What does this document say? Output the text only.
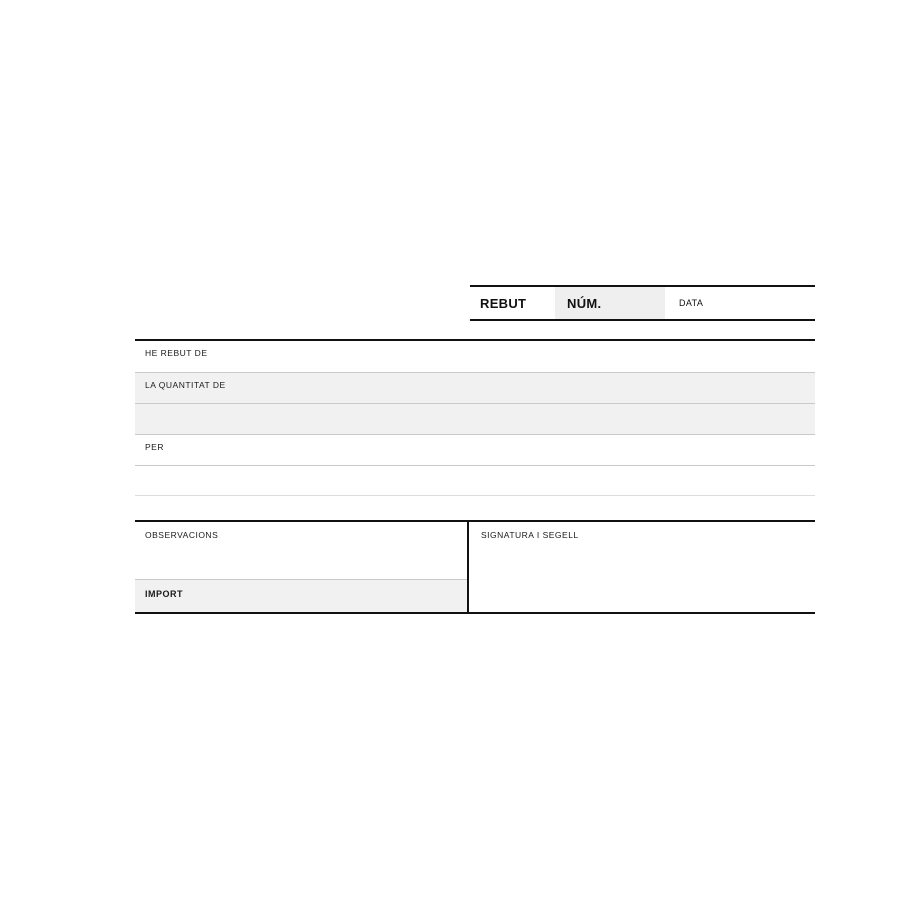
REBUT	NÚM.	DATA
HE REBUT DE
LA QUANTITAT DE
PER
OBSERVACIONS
IMPORT
SIGNATURA I SEGELL
